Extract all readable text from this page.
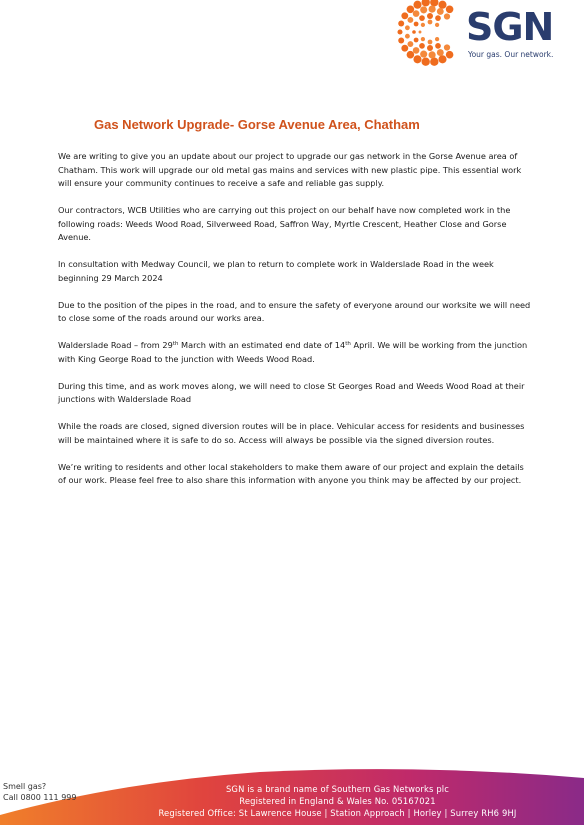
SGN
Your gas. Our network.
Gas Network Upgrade- Gorse Avenue Area, Chatham

We are writing to give you an update about our project to upgrade our gas network in the Gorse Avenue area of Chatham. This work will upgrade our old metal gas mains and services with new plastic pipe. This essential work will ensure your community continues to receive a safe and reliable gas supply.

Our contractors, WCB Utilities who are carrying out this project on our behalf have now completed work in the following roads: Weeds Wood Road, Silverweed Road, Saffron Way, Myrtle Crescent, Heather Close and Gorse Avenue.

In consultation with Medway Council, we plan to return to complete work in Walderslade Road in the week beginning 29 March 2024

Due to the position of the pipes in the road, and to ensure the safety of everyone around our worksite we will need to close some of the roads around our works area.

Walderslade Road – from 29th March with an estimated end date of 14th April. We will be working from the junction with King George Road to the junction with Weeds Wood Road.

During this time, and as work moves along, we will need to close St Georges Road and Weeds Wood Road at their junctions with Walderslade Road

While the roads are closed, signed diversion routes will be in place. Vehicular access for residents and businesses will be maintained where it is safe to do so. Access will always be possible via the signed diversion routes.

We’re writing to residents and other local stakeholders to make them aware of our project and explain the details of our work. Please feel free to also share this information with anyone you think may be affected by our project.

Smell gas?
Call 0800 111 999
SGN is a brand name of Southern Gas Networks plc
Registered in England & Wales No. 05167021
Registered Office: St Lawrence House | Station Approach | Horley | Surrey RH6 9HJ
